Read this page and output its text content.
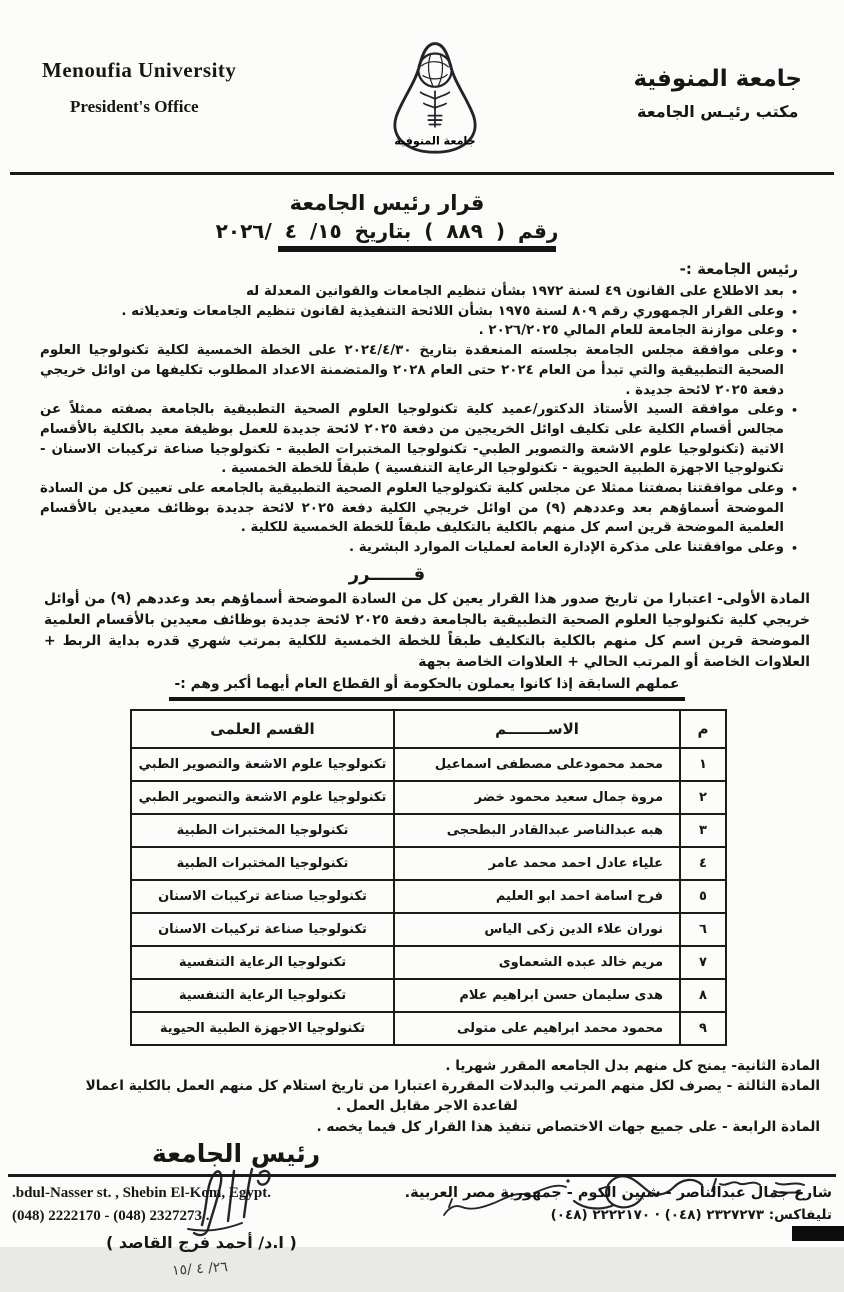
Menoufia University
President's Office
جامعة المنوفية
جامعة المنوفية
مكتب رئيـس الجامعة
قرار رئيس الجامعة
رقم ( ٨٨٩ ) بتاريخ ١٥/ ٤ /٢٠٢٦
رئيس الجامعة :-
•
بعد الاطلاع على القانون ٤٩ لسنة ١٩٧٢ بشأن تنظيم الجامعات والقوانين المعدلة له
•
وعلى القرار الجمهوري رقم ٨٠٩ لسنة ١٩٧٥ بشأن اللائحة التنفيذية لقانون تنظيم الجامعات وتعديلاته .
•
وعلى موازنة الجامعة للعام المالي ٢٠٢٦/٢٠٢٥ .
•
وعلى موافقة مجلس الجامعة بجلسته المنعقدة بتاريخ ٢٠٢٤/٤/٣٠ على الخطة الخمسية لكلية تكنولوجيا العلوم الصحية التطبيقية والتي تبدأ من العام ٢٠٢٤ حتى العام ٢٠٢٨ والمتضمنة الاعداد المطلوب تكليفها من اوائل خريجي دفعة ٢٠٢٥ لائحة جديدة .
•
وعلى موافقة السيد الأستاذ الدكتور/عميد كلية تكنولوجيا العلوم الصحية التطبيقية بالجامعة بصفته ممثلاً عن مجالس أقسام الكلية على تكليف اوائل الخريجين من دفعة ٢٠٢٥ لائحة جديدة للعمل بوظيفة معيد بالكلية بالأقسام الاتية (تكنولوجيا علوم الاشعة والتصوير الطبي- تكنولوجيا المختبرات الطبية - تكنولوجيا صناعة تركيبات الاسنان - تكنولوجيا الاجهزة الطبية الحيوية - تكنولوجيا الرعاية التنفسية ) طبقاً للخطة الخمسية .
•
وعلى موافقتنا بصفتنا ممثلا عن مجلس كلية تكنولوجيا العلوم الصحية التطبيقية بالجامعه على تعيين كل من السادة الموضحة أسماؤهم بعد وعددهم (٩) من اوائل خريجي الكلية دفعة ٢٠٢٥ لائحة جديدة بوظائف معيدين بالأقسام العلمية الموضحة قرين اسم كل منهم بالكلية بالتكليف طبقاً للخطة الخمسية للكلية .
•
وعلى موافقتنا على مذكرة الإدارة العامة لعمليات الموارد البشرية .
قـــــــرر
المادة الأولى- اعتبارا من تاريخ صدور هذا القرار يعين كل من السادة الموضحة أسماؤهم بعد وعددهم (٩) من أوائل خريجي كلية تكنولوجيا العلوم الصحية التطبيقية بالجامعة دفعة ٢٠٢٥ لائحة جديدة بوظائف معيدين بالأقسام العلمية الموضحة قرين اسم كل منهم بالكلية بالتكليف طبقاً للخطة الخمسية للكلية بمرتب شهري قدره بداية الربط + العلاوات الخاصة أو المرتب الحالي + العلاوات الخاصة بجهة
عملهم السابقة إذا كانوا يعملون بالحكومة أو القطاع العام أيهما أكبر وهم :-
م	الاســــــــم	القسم العلمى
١	محمد محمودعلى مصطفى اسماعيل	تكنولوجيا علوم الاشعة والتصوير الطبي
٢	مروة جمال سعيد محمود خضر	تكنولوجيا علوم الاشعة والتصوير الطبي
٣	هبه عبدالناصر عبدالقادر البطحجى	تكنولوجيا المختبرات الطبية
٤	علياء عادل احمد محمد عامر	تكنولوجيا المختبرات الطبية
٥	فرح اسامة احمد ابو العليم	تكنولوجيا صناعة تركيبات الاسنان
٦	نوران علاء الدين زكى الياس	تكنولوجيا صناعة تركيبات الاسنان
٧	مريم خالد عبده الشعماوى	تكنولوجيا الرعاية التنفسية
٨	هدى سليمان حسن ابراهيم علام	تكنولوجيا الرعاية التنفسية
٩	محمود محمد ابراهيم على متولى	تكنولوجيا الاجهزة الطبية الحيوية
المادة الثانية- يمنح كل منهم بدل الجامعه المقرر شهريا .
المادة الثالثة - يصرف لكل منهم المرتب والبدلات المقررة اعتبارا من تاريخ استلام كل منهم العمل بالكلية اعمالا
لقاعدة الاجر مقابل العمل .
المادة الرابعة - على جميع جهات الاختصاص تنفيذ هذا القرار كل فيما يخصه .
رئيس الجامعة
( ا.د/ أحمد فرج القاصد )
٢٦/ ٤ /١٥
.bdul-Nasser st. , Shebin El-Kom, Egypt.
(048) 2222170 - (048) 2327273 .
شارع جمال عبدالناصر - شبين الكوم - جمهورية مصر العربية.
تليفاكس: ٢٣٢٧٢٧٣ (٠٤٨) · ٢٢٢٢١٧٠ (٠٤٨)
